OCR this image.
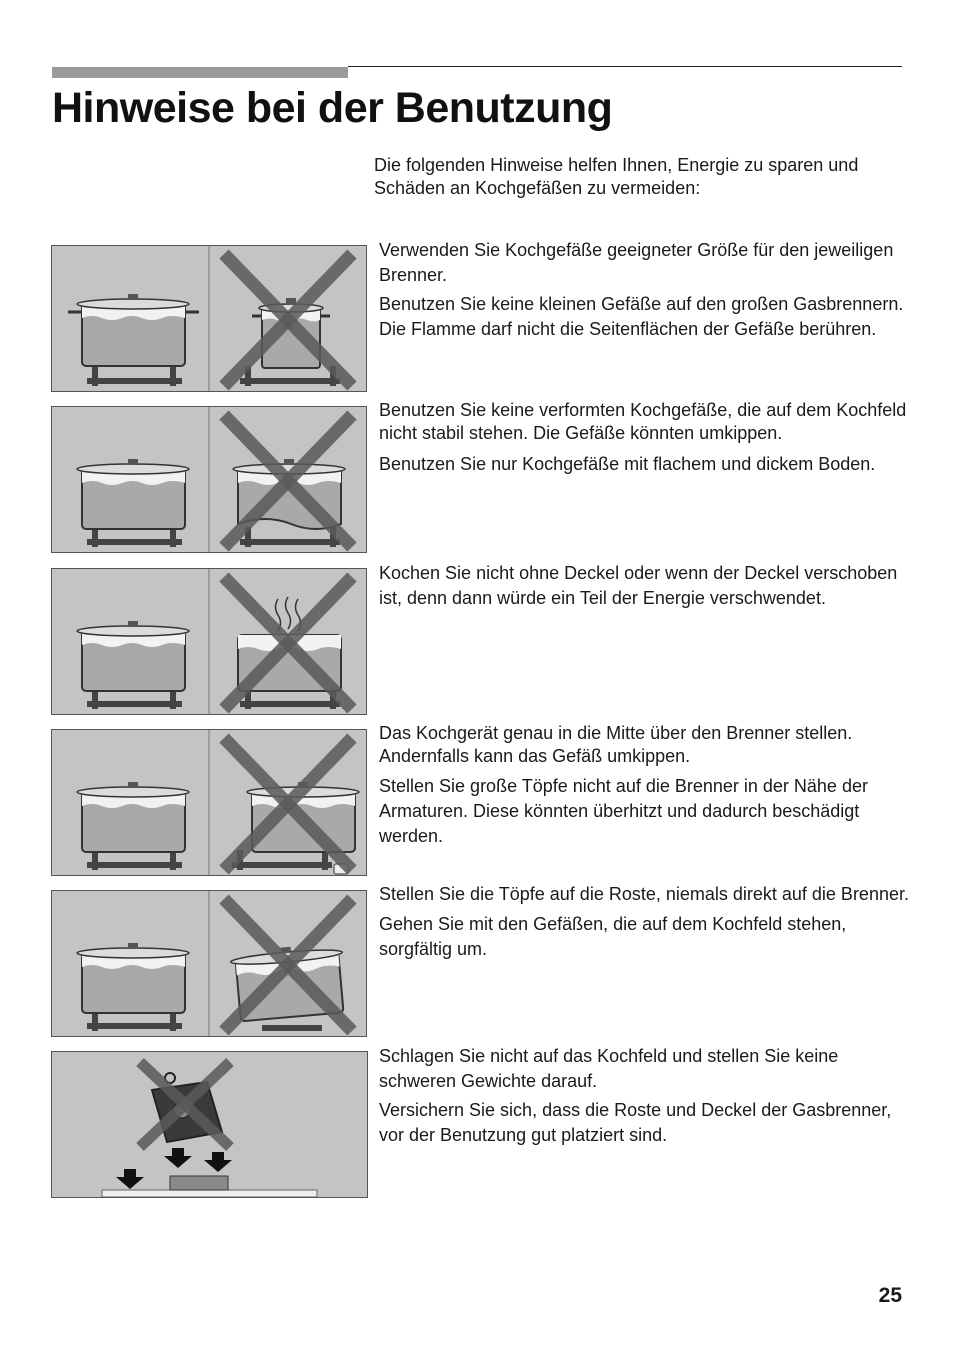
Hinweise bei der Benutzung
Die folgenden Hinweise helfen Ihnen, Energie zu sparen und Schäden an Kochgefäßen zu vermeiden:

Verwenden Sie Kochgefäße geeigneter Größe für den jeweiligen Brenner.

Benutzen Sie keine kleinen Gefäße auf den großen Gasbrennern. Die Flamme darf nicht die Seitenflächen der Gefäße berühren.

Benutzen Sie keine verformten Kochgefäße, die auf dem Kochfeld nicht stabil stehen. Die Gefäße könnten umkippen.

Benutzen Sie nur Kochgefäße mit flachem und dickem Boden.

Kochen Sie nicht ohne Deckel oder wenn der Deckel verschoben ist, denn dann würde ein Teil der Energie verschwendet.

Das Kochgerät genau in die Mitte über den Brenner stellen. Andernfalls kann das Gefäß umkippen.

Stellen Sie große Töpfe nicht auf die Brenner in der Nähe der Armaturen. Diese könnten überhitzt und dadurch beschädigt werden.

Stellen Sie die Töpfe auf die Roste, niemals direkt auf die Brenner.

Gehen Sie mit den Gefäßen, die auf dem Kochfeld stehen, sorgfältig um.

Schlagen Sie nicht auf das Kochfeld und stellen Sie keine schweren Gewichte darauf.

Versichern Sie sich, dass die Roste und Deckel der Gasbrenner, vor der Benutzung gut platziert sind.

25
